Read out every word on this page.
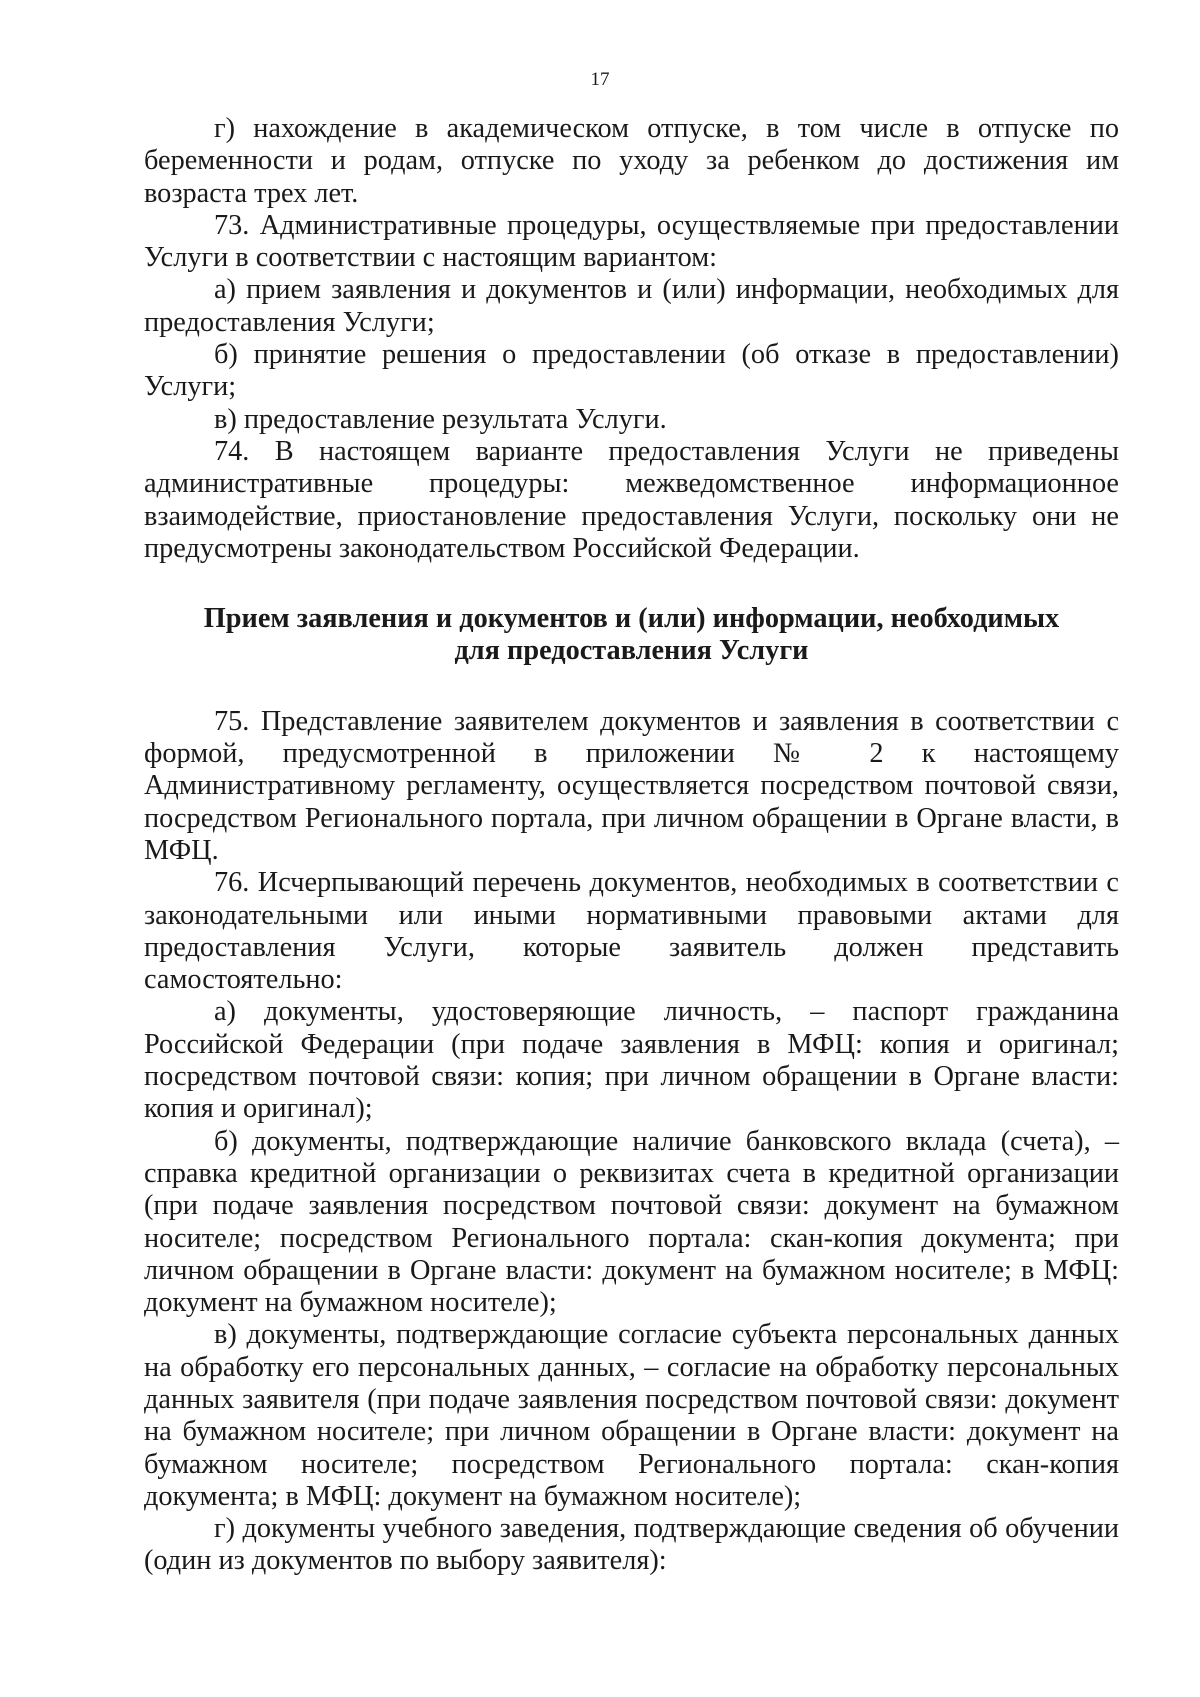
17

г) нахождение в академическом отпуске, в том числе в отпуске по беременности и родам, отпуске по уходу за ребенком до достижения им возраста трех лет.

73. Административные процедуры, осуществляемые при предоставлении Услуги в соответствии с настоящим вариантом:

а) прием заявления и документов и (или) информации, необходимых для предоставления Услуги;

б) принятие решения о предоставлении (об отказе в предоставлении) Услуги;

в) предоставление результата Услуги.

74. В настоящем варианте предоставления Услуги не приведены административные процедуры: межведомственное информационное взаимодействие, приостановление предоставления Услуги, поскольку они не предусмотрены законодательством Российской Федерации.

Прием заявления и документов и (или) информации, необходимых для предоставления Услуги

75. Представление заявителем документов и заявления в соответствии с формой, предусмотренной в приложении № 2 к настоящему Административному регламенту, осуществляется посредством почтовой связи, посредством Регионального портала, при личном обращении в Органе власти, в МФЦ.

76. Исчерпывающий перечень документов, необходимых в соответствии с законодательными или иными нормативными правовыми актами для предоставления Услуги, которые заявитель должен представить самостоятельно:

а) документы, удостоверяющие личность, – паспорт гражданина Российской Федерации (при подаче заявления в МФЦ: копия и оригинал; посредством почтовой связи: копия; при личном обращении в Органе власти: копия и оригинал);

б) документы, подтверждающие наличие банковского вклада (счета), – справка кредитной организации о реквизитах счета в кредитной организации (при подаче заявления посредством почтовой связи: документ на бумажном носителе; посредством Регионального портала: скан-копия документа; при личном обращении в Органе власти: документ на бумажном носителе; в МФЦ: документ на бумажном носителе);

в) документы, подтверждающие согласие субъекта персональных данных на обработку его персональных данных, – согласие на обработку персональных данных заявителя (при подаче заявления посредством почтовой связи: документ на бумажном носителе; при личном обращении в Органе власти: документ на бумажном носителе; посредством Регионального портала: скан-копия документа; в МФЦ: документ на бумажном носителе);

г) документы учебного заведения, подтверждающие сведения об обучении (один из документов по выбору заявителя):
